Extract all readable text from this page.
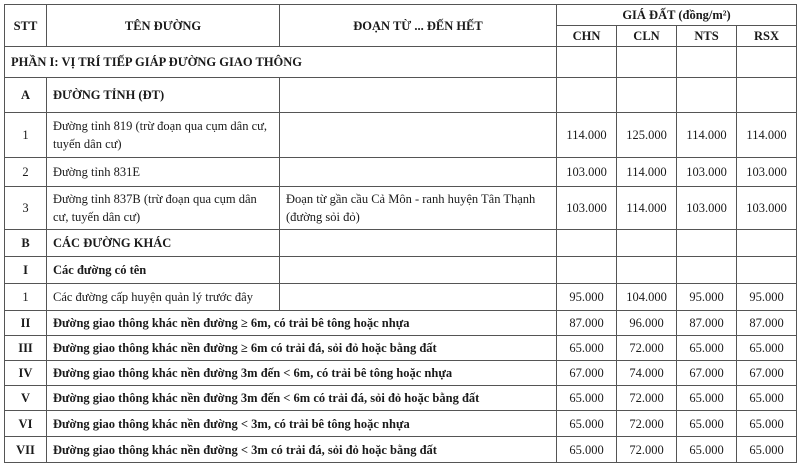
STT	TÊN ĐƯỜNG	ĐOẠN TỪ ... ĐẾN HẾT	GIÁ ĐẤT (đồng/m²)			
			CHN	CLN	NTS	RSX
PHẦN I: VỊ TRÍ TIẾP GIÁP ĐƯỜNG GIAO THÔNG						
A	ĐƯỜNG TỈNH (ĐT)					
1	Đường tỉnh 819 (trừ đoạn qua cụm dân cư, tuyến dân cư)		114.000	125.000	114.000	114.000
2	Đường tỉnh 831E		103.000	114.000	103.000	103.000
3	Đường tỉnh 837B (trừ đoạn qua cụm dân cư, tuyến dân cư)	Đoạn từ gần cầu Cả Môn - ranh huyện Tân Thạnh (đường sỏi đỏ)	103.000	114.000	103.000	103.000
B	CÁC ĐƯỜNG KHÁC					
I	Các đường có tên					
1	Các đường cấp huyện quản lý trước đây		95.000	104.000	95.000	95.000
II	Đường giao thông khác nền đường ≥ 6m, có trải bê tông hoặc nhựa		87.000	96.000	87.000	87.000
III	Đường giao thông khác nền đường ≥ 6m có trải đá, sỏi đỏ hoặc bằng đất		65.000	72.000	65.000	65.000
IV	Đường giao thông khác nền đường 3m đến < 6m, có trải bê tông hoặc nhựa		67.000	74.000	67.000	67.000
V	Đường giao thông khác nền đường 3m đến < 6m có trải đá, sỏi đỏ hoặc bằng đất		65.000	72.000	65.000	65.000
VI	Đường giao thông khác nền đường < 3m, có trải bê tông hoặc nhựa		65.000	72.000	65.000	65.000
VII	Đường giao thông khác nền đường < 3m có trải đá, sỏi đỏ hoặc bằng đất		65.000	72.000	65.000	65.000
